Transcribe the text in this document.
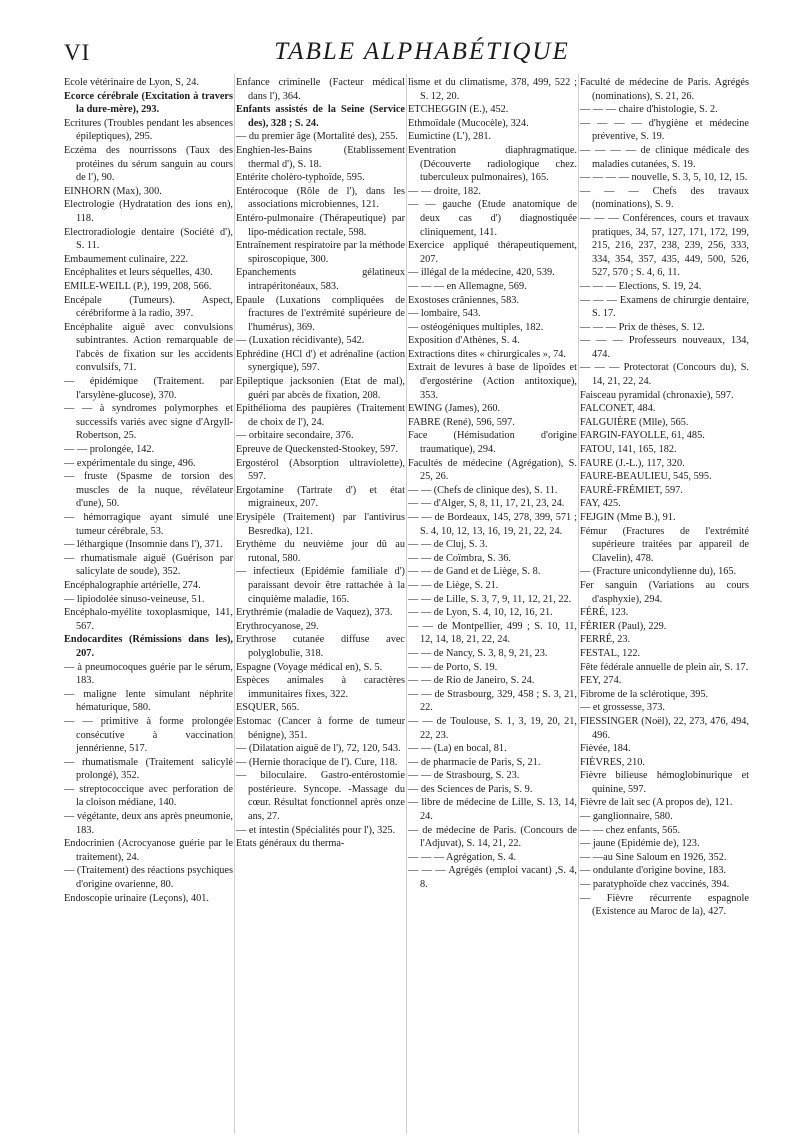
VI	TABLE ALPHABÉTIQUE

Ecole vétérinaire de Lyon, S, 24.

Ecorce cérébrale (Excitation à travers la dure-mère), 293.

Ecritures (Troubles pendant les absences épileptiques), 295.

Eczéma des nourrissons (Taux des protéines du sérum sanguin au cours de l'), 90.

EINHORN (Max), 300.

Electrologie (Hydratation des ions en), 118.

Electroradiologie dentaire (Société d'), S. 11.

Embaumement culinaire, 222.

Encéphalites et leurs séquelles, 430.

EMILE-WEILL (P.), 199, 208, 566.

Encépale (Tumeurs). Aspect, cérébriforme à la radio, 397.

Encéphalite aiguë avec convulsions subintrantes. Action remarquable de l'abcès de fixation sur les accidents convulsifs, 71.

— épidémique (Traitement. par l'arsylène-glucose), 370.

— — à syndromes polymorphes et successifs variés avec signe d'Argyll-Robertson, 25.

— — prolongée, 142.

— expérimentale du singe, 496.

— fruste (Spasme de torsion des muscles de la nuque, révélateur d'une), 50.

— hémorragique ayant simulé une tumeur cérébrale, 53.

— léthargique (Insomnie dans l'), 371.

— rhumatismale aiguë (Guérison par salicylate de soude), 352.

Encéphalographie artérielle, 274.

— lipiodolée sinuso-veineuse, 51.

Encéphalo-myélite toxoplasmique, 141, 567.

Endocardites (Rémissions dans les), 207.

— à pneumocoques guérie par le sérum, 183.

— maligne lente simulant néphrite hématurique, 580.

— — primitive à forme prolongée consécutive à vaccination jennérienne, 517.

— rhumatismale (Traitement salicylé prolongé), 352.

— streptococcique avec perforation de la cloison médiane, 140.

— végétante, deux ans après pneumonie, 183.

Endocrinien (Acrocyanose guérie par le traitement), 24.

— (Traitement) des réactions psychiques d'origine ovarienne, 80.

Endoscopie urinaire (Leçons), 401.

Enfance criminelle (Facteur médical dans l'), 364.

Enfants assistés de la Seine (Service des), 328 ; S. 24.

— du premier âge (Mortalité des), 255.

Enghien-les-Bains (Etablissement thermal d'), S. 18.

Entérite cholèro-typhoïde, 595.

Entérocoque (Rôle de l'), dans les associations microbiennes, 121.

Entéro-pulmonaire (Thérapeutique) par lipo-médication rectale, 598.

Entraînement respiratoire par la méthode spiroscopique, 300.

Epanchements gélatineux intrapéritonéaux, 583.

Epaule (Luxations compliquées de fractures de l'extrémité supérieure de l'humérus), 369.

— (Luxation récidivante), 542.

Ephrédine (HCl d') et adrénaline (action synergique), 597.

Epileptique jacksonien (Etat de mal), guéri par abcès de fixation, 208.

Epithélioma des paupières (Traitement de choix de l'), 24.

— orbitaire secondaire, 376.

Epreuve de Queckensted-Stookey, 597.

Ergostérol (Absorption ultraviolette), 597.

Ergotamine (Tartrate d') et état migraineux, 207.

Erysipèle (Traitement) par l'antivirus Besredka), 121.

Erythème du neuvième jour dû au rutonal, 580.

— infectieux (Epidémie familiale d') paraissant devoir être rattachée à la cinquième maladie, 165.

Erythrémie (maladie de Vaquez), 373.

Erythrocyanose, 29.

Erythrose cutanée diffuse avec polyglobulie, 318.

Espagne (Voyage médical en), S. 5.

Espèces animales à caractères immunitaires fixes, 322.

ESQUER, 565.

Estomac (Cancer à forme de tumeur bénigne), 351.

— (Dilatation aiguë de l'), 72, 120, 543.

— (Hernie thoracique de l'). Cure, 118.

— biloculaire. Gastro-entérostomie postérieure. Syncope. -Massage du cœur. Résultat fonctionnel après onze ans, 27.

— et intestin (Spécialités pour l'), 325.

Etats généraux du therma-

lisme et du climatisme, 378, 499, 522 ; S. 12, 20.

ETCHEGGIN (E.), 452.

Ethmoïdale (Mucocèle), 324.

Eumictine (L'), 281.

Eventration diaphragmatique. (Découverte radiologique chez. tuberculeux pulmonaires), 165.

— — droite, 182.

— — gauche (Etude anatomique de deux cas d') diagnostiquée cliniquement, 141.

Exercice appliqué thérapeutiquement, 207.

— illégal de la médecine, 420, 539.

— — — en Allemagne, 569.

Exostoses crâniennes, 583.

— lombaire, 543.

— ostéogéniques multiples, 182.

Exposition d'Athènes, S. 4.

Extractions dites « chirurgicales », 74.

Extrait de levures à base de lipoïdes et d'ergostérine (Action antitoxique), 353.

EWING (James), 260.

FABRE (René), 596, 597.

Face (Hémisudation d'origine traumatique), 294.

Facultés de médecine (Agrégation), S. 25, 26.

— — (Chefs de clinique des), S. 11.

— — d'Alger, S, 8, 11, 17, 21, 23, 24.

— — de Bordeaux, 145, 278, 399, 571 ; S. 4, 10, 12, 13, 16, 19, 21, 22, 24.

— — de Cluj, S. 3.

— — de Coïmbra, S. 36.

— — de Gand et de Liège, S. 8.

— — de Liège, S. 21.

— — de Lille, S. 3, 7, 9, 11, 12, 21, 22.

— — de Lyon, S. 4, 10, 12, 16, 21.

— — de Montpellier, 499 ; S. 10, 11, 12, 14, 18, 21, 22, 24.

— — de Nancy, S. 3, 8, 9, 21, 23.

— — de Porto, S. 19.

— — de Rio de Janeiro, S. 24.

— — de Strasbourg, 329, 458 ; S. 3, 21, 22.

— — de Toulouse, S. 1, 3, 19, 20, 21, 22, 23.

— — (La) en bocal, 81.

— de pharmacie de Paris, S, 21.

— — de Strasbourg, S. 23.

— des Sciences de Paris, S. 9.

— libre de médecine de Lille, S. 13, 14, 24.

— de médecine de Paris. (Concours de l'Adjuvat), S. 14, 21, 22.

— — — Agrégation, S. 4.

— — — Agrégés (emploi vacant) ,S. 4, 8.

Faculté de médecine de Paris. Agrégés (nominations), S. 21, 26.

— — — chaire d'histologie, S. 2.

— — — — d'hygiène et médecine préventive, S. 19.

— — — — de clinique médicale des maladies cutanées, S. 19.

— — — — nouvelle, S. 3, 5, 10, 12, 15.

— — — Chefs des travaux (nominations), S. 9.

— — — Conférences, cours et travaux pratiques, 34, 57, 127, 171, 172, 199, 215, 216, 237, 238, 239, 256, 333, 334, 354, 357, 435, 449, 500, 526, 527, 570 ; S. 4, 6, 11.

— — — Elections, S. 19, 24.

— — — Examens de chirurgie dentaire, S. 17.

— — — Prix de thèses, S. 12.

— — — Professeurs nouveaux, 134, 474.

— — — Protectorat (Concours du), S. 14, 21, 22, 24.

Faisceau pyramidal (chronaxie), 597.

FALCONET, 484.

FALGUIÈRE (Mlle), 565.

FARGIN-FAYOLLE, 61, 485.

FATOU, 141, 165, 182.

FAURE (J.-L.), 117, 320.

FAURE-BEAULIEU, 545, 595.

FAURÉ-FRÉMIET, 597.

FAY, 425.

FEJGIN (Mme B.), 91.

Fémur (Fractures de l'extrémité supérieure traitées par appareil de Clavelin), 478.

— (Fracture unicondylienne du), 165.

Fer sanguin (Variations au cours d'asphyxie), 294.

FÉRÉ, 123.

FÉRIER (Paul), 229.

FERRÉ, 23.

FESTAL, 122.

Fête fédérale annuelle de plein air, S. 17.

FEY, 274.

Fibrome de la sclérotique, 395.

— et grossesse, 373.

FIESSINGER (Noël), 22, 273, 476, 494, 496.

Fièvée, 184.

FIÈVRES, 210.

Fièvre bilieuse hémoglobinurique et quinine, 597.

Fièvre de lait sec (A propos de), 121.

— ganglionnaire, 580.

— — chez enfants, 565.

— jaune (Epidémie de), 123.

— —au Sine Saloum en 1926, 352.

— ondulante d'origine bovine, 183.

— paratyphoïde chez vaccinés, 394.

— Fièvre récurrente espagnole (Existence au Maroc de la), 427.
